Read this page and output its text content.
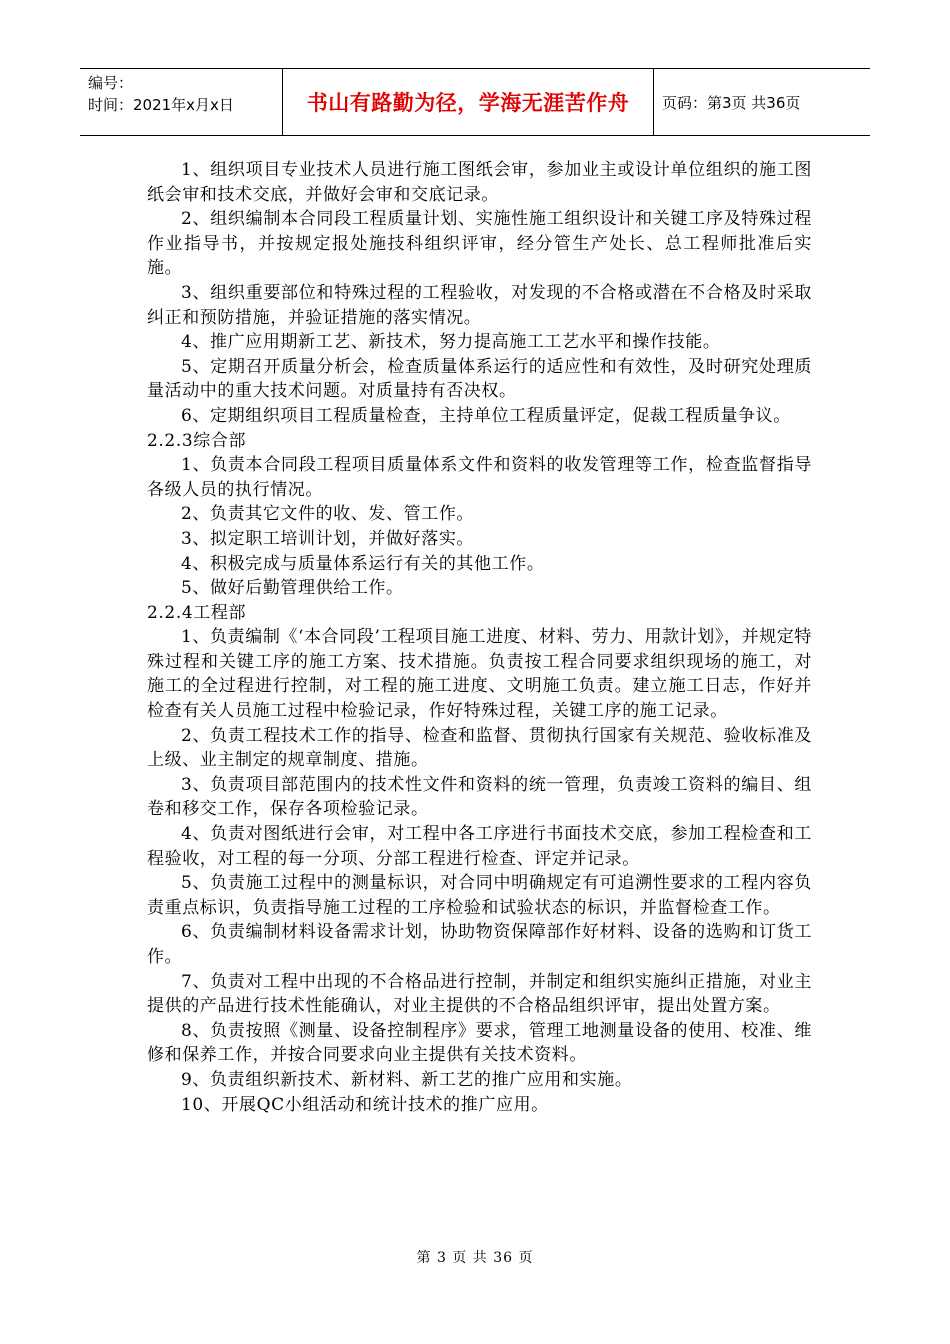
编号：
时间：2021年x月x日	书山有路勤为径，学海无涯苦作舟	页码：第3页 共36页

1、组织项目专业技术人员进行施工图纸会审，参加业主或设计单位组织的施工图纸会审和技术交底，并做好会审和交底记录。

2、组织编制本合同段工程质量计划、实施性施工组织设计和关键工序及特殊过程作业指导书，并按规定报处施技科组织评审，经分管生产处长、总工程师批准后实施。

3、组织重要部位和特殊过程的工程验收，对发现的不合格或潜在不合格及时采取纠正和预防措施，并验证措施的落实情况。

4、推广应用期新工艺、新技术，努力提高施工工艺水平和操作技能。

5、定期召开质量分析会，检查质量体系运行的适应性和有效性，及时研究处理质量活动中的重大技术问题。对质量持有否决权。

6、定期组织项目工程质量检查，主持单位工程质量评定，促裁工程质量争议。

2.2.3综合部

1、负责本合同段工程项目质量体系文件和资料的收发管理等工作，检查监督指导各级人员的执行情况。

2、负责其它文件的收、发、管工作。

3、拟定职工培训计划，并做好落实。

4、积极完成与质量体系运行有关的其他工作。

5、做好后勤管理供给工作。

2.2.4工程部

1、负责编制《‘本合同段’工程项目施工进度、材料、劳力、用款计划》，并规定特殊过程和关键工序的施工方案、技术措施。负责按工程合同要求组织现场的施工，对施工的全过程进行控制，对工程的施工进度、文明施工负责。建立施工日志，作好并检查有关人员施工过程中检验记录，作好特殊过程，关键工序的施工记录。

2、负责工程技术工作的指导、检查和监督、贯彻执行国家有关规范、验收标准及上级、业主制定的规章制度、措施。

3、负责项目部范围内的技术性文件和资料的统一管理，负责竣工资料的编目、组卷和移交工作，保存各项检验记录。

4、负责对图纸进行会审，对工程中各工序进行书面技术交底，参加工程检查和工程验收，对工程的每一分项、分部工程进行检查、评定并记录。

5、负责施工过程中的测量标识，对合同中明确规定有可追溯性要求的工程内容负责重点标识，负责指导施工过程的工序检验和试验状态的标识，并监督检查工作。

6、负责编制材料设备需求计划，协助物资保障部作好材料、设备的选购和订货工作。

7、负责对工程中出现的不合格品进行控制，并制定和组织实施纠正措施，对业主提供的产品进行技术性能确认，对业主提供的不合格品组织评审，提出处置方案。

8、负责按照《测量、设备控制程序》要求，管理工地测量设备的使用、校准、维修和保养工作，并按合同要求向业主提供有关技术资料。

9、负责组织新技术、新材料、新工艺的推广应用和实施。

10、开展QC小组活动和统计技术的推广应用。

第 3 页 共 36 页
